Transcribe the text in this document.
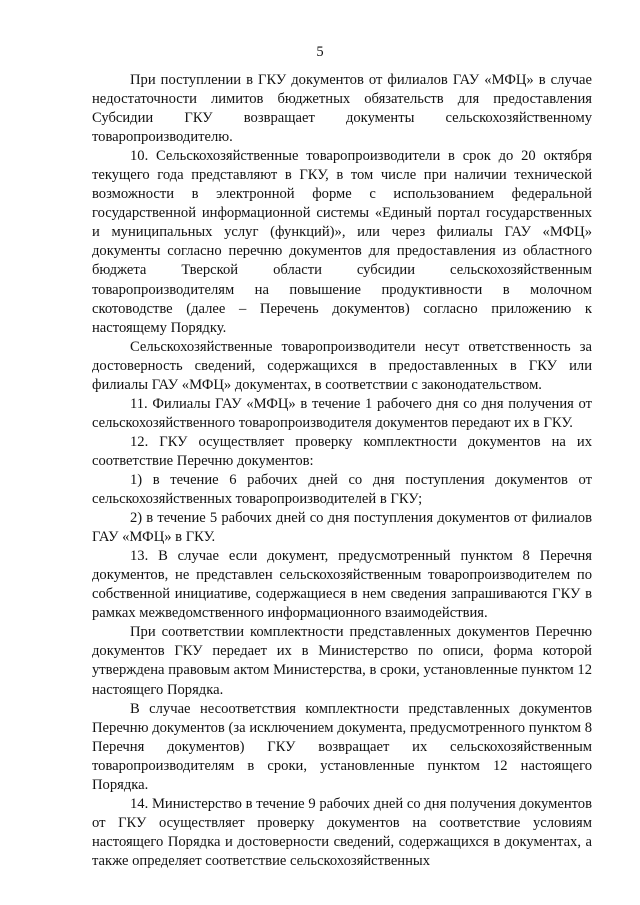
5

При поступлении в ГКУ документов от филиалов ГАУ «МФЦ» в случае недостаточности лимитов бюджетных обязательств для предоставления Субсидии ГКУ возвращает документы сельскохозяйственному товаропроизводителю.

10. Сельскохозяйственные товаропроизводители в срок до 20 октября текущего года представляют в ГКУ, в том числе при наличии технической возможности в электронной форме с использованием федеральной государственной информационной системы «Единый портал государственных и муниципальных услуг (функций)», или через филиалы ГАУ «МФЦ» документы согласно перечню документов для предоставления из областного бюджета Тверской области субсидии сельскохозяйственным товаропроизводителям на повышение продуктивности в молочном скотоводстве (далее – Перечень документов) согласно приложению к настоящему Порядку.

Сельскохозяйственные товаропроизводители несут ответственность за достоверность сведений, содержащихся в предоставленных в ГКУ или филиалы ГАУ «МФЦ» документах, в соответствии с законодательством.

11. Филиалы ГАУ «МФЦ» в течение 1 рабочего дня со дня получения от сельскохозяйственного товаропроизводителя документов передают их в ГКУ.

12. ГКУ осуществляет проверку комплектности документов на их соответствие Перечню документов:

1) в течение 6 рабочих дней со дня поступления документов от сельскохозяйственных товаропроизводителей в ГКУ;

2) в течение 5 рабочих дней со дня поступления документов от филиалов ГАУ «МФЦ» в ГКУ.

13. В случае если документ, предусмотренный пунктом 8 Перечня документов, не представлен сельскохозяйственным товаропроизводителем по собственной инициативе, содержащиеся в нем сведения запрашиваются ГКУ в рамках межведомственного информационного взаимодействия.

При соответствии комплектности представленных документов Перечню документов ГКУ передает их в Министерство по описи, форма которой утверждена правовым актом Министерства, в сроки, установленные пунктом 12 настоящего Порядка.

В случае несоответствия комплектности представленных документов Перечню документов (за исключением документа, предусмотренного пунктом 8 Перечня документов) ГКУ возвращает их сельскохозяйственным товаропроизводителям в сроки, установленные пунктом 12 настоящего Порядка.

14. Министерство в течение 9 рабочих дней со дня получения документов от ГКУ осуществляет проверку документов на соответствие условиям настоящего Порядка и достоверности сведений, содержащихся в документах, а также определяет соответствие сельскохозяйственных
